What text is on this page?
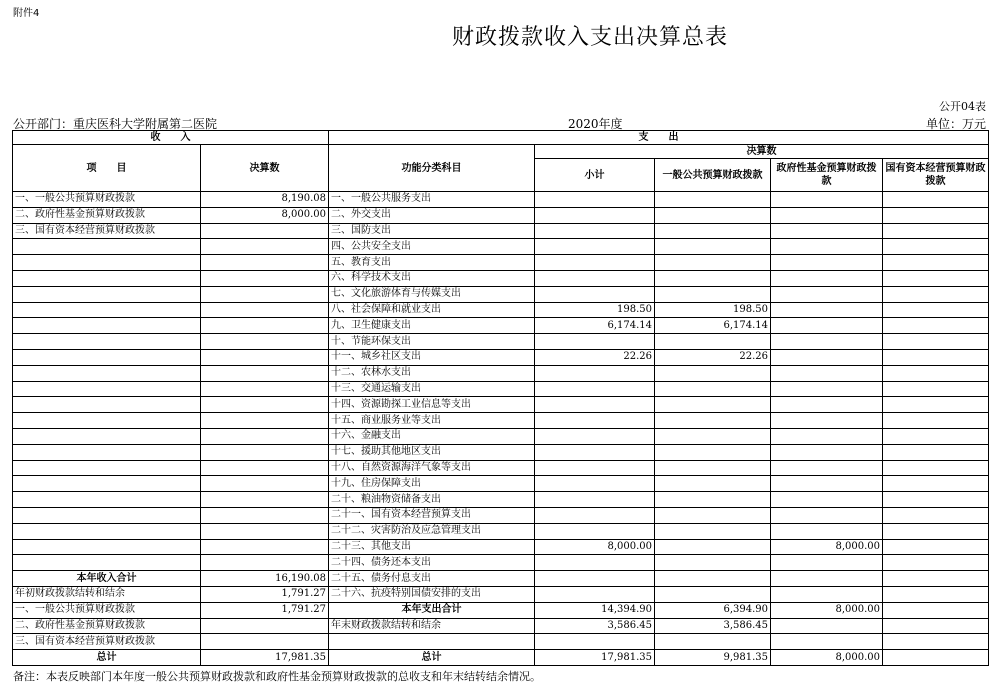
附件4
财政拨款收入支出决算总表
公开04表
公开部门：重庆医科大学附属第二医院	2020年度	单位：万元
收　　入		支　　出				
项　　目	决算数	功能分类科目	决算数			
			小计	一般公共预算财政拨款	政府性基金预算财政拨款	国有资本经营预算财政拨款
一、一般公共预算财政拨款	8,190.08	一、一般公共服务支出				
二、政府性基金预算财政拨款	8,000.00	二、外交支出				
三、国有资本经营预算财政拨款		三、国防支出				
		四、公共安全支出				
		五、教育支出				
		六、科学技术支出				
		七、文化旅游体育与传媒支出				
		八、社会保障和就业支出	198.50	198.50		
		九、卫生健康支出	6,174.14	6,174.14		
		十、节能环保支出				
		十一、城乡社区支出	22.26	22.26		
		十二、农林水支出				
		十三、交通运输支出				
		十四、资源勘探工业信息等支出				
		十五、商业服务业等支出				
		十六、金融支出				
		十七、援助其他地区支出				
		十八、自然资源海洋气象等支出				
		十九、住房保障支出				
		二十、粮油物资储备支出				
		二十一、国有资本经营预算支出				
		二十二、灾害防治及应急管理支出				
		二十三、其他支出	8,000.00		8,000.00	
		二十四、债务还本支出				
本年收入合计	16,190.08	二十五、债务付息支出				
年初财政拨款结转和结余	1,791.27	二十六、抗疫特别国债安排的支出				
一、一般公共预算财政拨款	1,791.27	本年支出合计	14,394.90	6,394.90	8,000.00	
二、政府性基金预算财政拨款		年末财政拨款结转和结余	3,586.45	3,586.45		
三、国有资本经营预算财政拨款						
总计	17,981.35	总计	17,981.35	9,981.35	8,000.00	
备注：本表反映部门本年度一般公共预算财政拨款和政府性基金预算财政拨款的总收支和年末结转结余情况。
